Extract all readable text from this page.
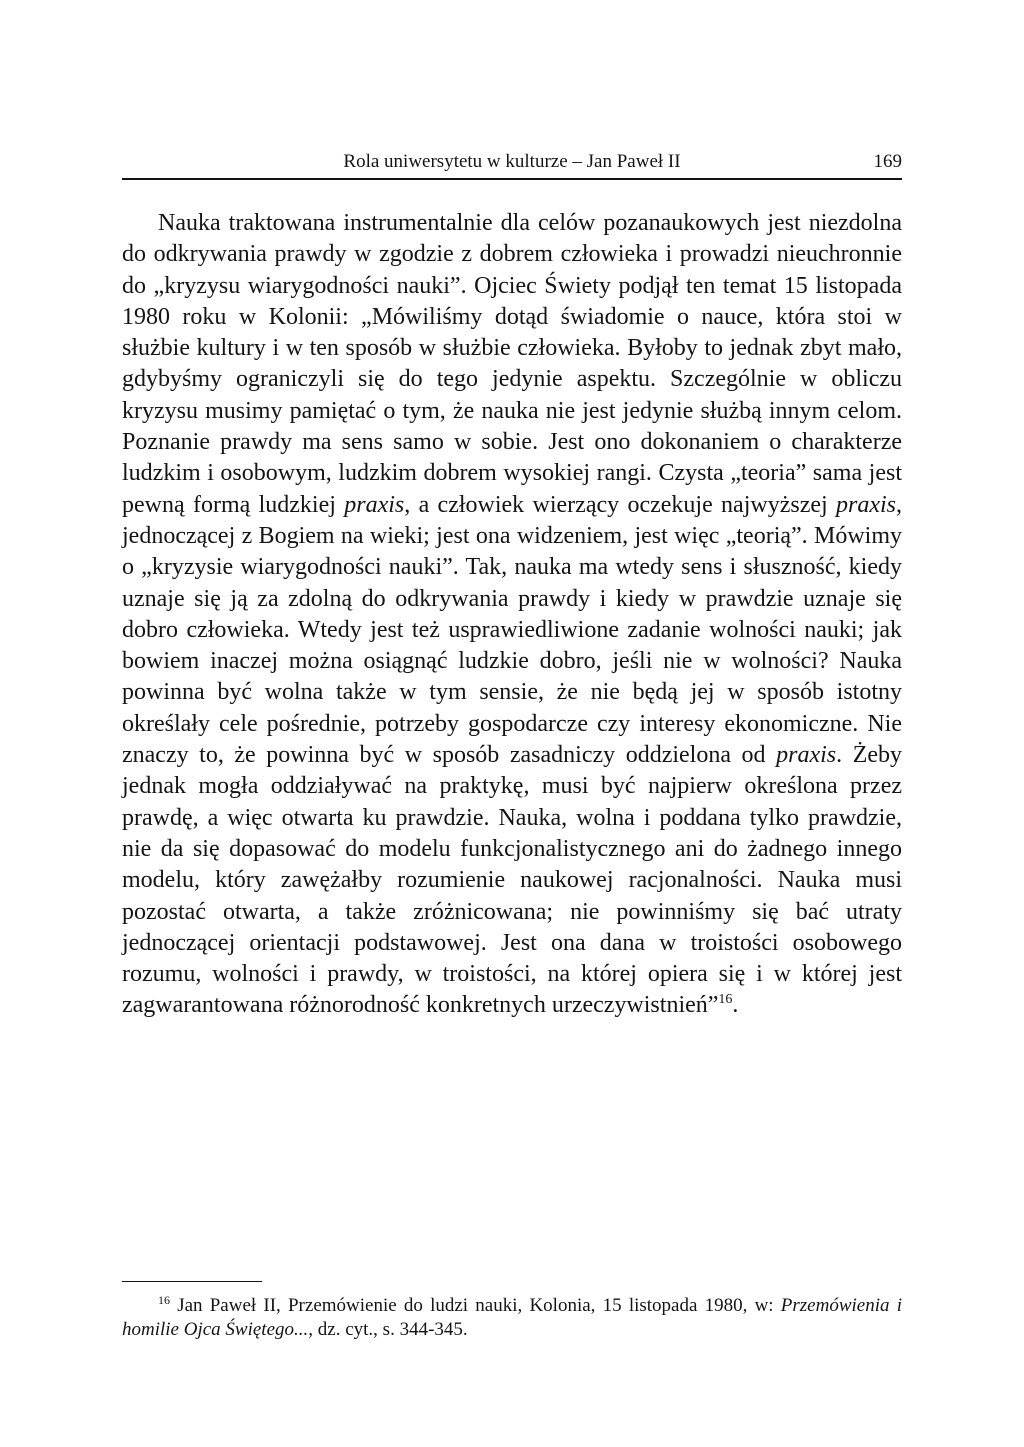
Rola uniwersytetu w kulturze – Jan Paweł II	169

Nauka traktowana instrumentalnie dla celów pozanaukowych jest niezdolna do odkrywania prawdy w zgodzie z dobrem człowieka i prowadzi nieuchronnie do „kryzysu wiarygodności nauki”. Ojciec Świety podjął ten temat 15 listopada 1980 roku w Kolonii: „Mówiliśmy dotąd świadomie o nauce, która stoi w służbie kultury i w ten sposób w służbie człowieka. Byłoby to jednak zbyt mało, gdybyśmy ograniczyli się do tego jedynie aspektu. Szczególnie w obliczu kryzysu musimy pamiętać o tym, że nauka nie jest jedynie służbą innym celom. Poznanie prawdy ma sens samo w sobie. Jest ono dokonaniem o charakterze ludzkim i osobowym, ludzkim dobrem wysokiej rangi. Czysta „teoria” sama jest pewną formą ludzkiej praxis, a człowiek wierzący oczekuje najwyższej praxis, jednoczącej z Bogiem na wieki; jest ona widzeniem, jest więc „teorią”. Mówimy o „kryzysie wiarygodności nauki”. Tak, nauka ma wtedy sens i słuszność, kiedy uznaje się ją za zdolną do odkrywania prawdy i kiedy w prawdzie uznaje się dobro człowieka. Wtedy jest też usprawiedliwione zadanie wolności nauki; jak bowiem inaczej można osiągnąć ludzkie dobro, jeśli nie w wolności? Nauka powinna być wolna także w tym sensie, że nie będą jej w sposób istotny określały cele pośrednie, potrzeby gospodarcze czy interesy ekonomiczne. Nie znaczy to, że powinna być w sposób zasadniczy oddzielona od praxis. Żeby jednak mogła oddziaływać na praktykę, musi być najpierw określona przez prawdę, a więc otwarta ku prawdzie. Nauka, wolna i poddana tylko prawdzie, nie da się dopasować do modelu funkcjonalistycznego ani do żadnego innego modelu, który zawężałby rozumienie naukowej racjonalności. Nauka musi pozostać otwarta, a także zróżnicowana; nie powinniśmy się bać utraty jednoczącej orientacji podstawowej. Jest ona dana w troistości osobowego rozumu, wolności i prawdy, w troistości, na której opiera się i w której jest zagwarantowana różnorodność konkretnych urzeczywistnień”$^{16}$.

$^{16}$ Jan Paweł II, Przemówienie do ludzi nauki, Kolonia, 15 listopada 1980, w: Przemówienia i homilie Ojca Świętego..., dz. cyt., s. 344-345.
